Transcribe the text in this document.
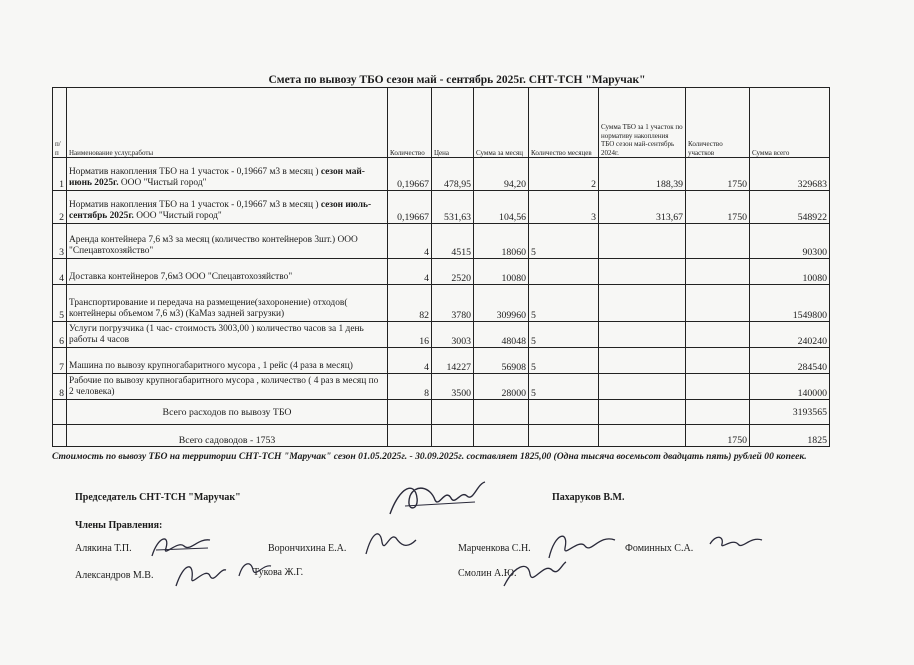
Смета по вывозу ТБО сезон май - сентябрь 2025г. СНТ-ТСН "Маручак"
п/п	Наименование услуг,работы	Количество	Цена	Сумма за месяц	Количество месяцев	Сумма ТБО за 1 участок по нормативу накопления ТБО сезон май-сентябрь 2024г.	Количество участков	Сумма всего
1	Норматив накопления ТБО на 1 участок - 0,19667 м3 в месяц ) сезон май-июнь 2025г. ООО "Чистый город"	0,19667	478,95	94,20	2	188,39	1750	329683
2	Норматив накопления ТБО на 1 участок - 0,19667 м3 в месяц ) сезон июль-сентябрь 2025г. ООО "Чистый город"	0,19667	531,63	104,56	3	313,67	1750	548922
3	Аренда контейнера 7,6 м3 за месяц (количество контейнеров 3шт.) ООО "Спецавтохозяйство"	4	4515	18060	5			90300
4	Доставка контейнеров 7,6м3 ООО "Спецавтохозяйство"	4	2520	10080				10080
5	Транспортирование и передача на размещение(захоронение) отходов( контейнеры объемом 7,6 м3) (КаМаз задней загрузки)	82	3780	309960	5			1549800
6	Услуги погрузчика (1 час- стоимость 3003,00 ) количество часов за 1 день работы 4 часов	16	3003	48048	5			240240
7	Машина по вывозу крупногабаритного мусора , 1 рейс (4 раза в месяц)	4	14227	56908	5			284540
8	Рабочие по вывозу крупногабаритного мусора , количество ( 4 раз в месяц по 2 человека)	8	3500	28000	5			140000
	Всего расходов по вывозу ТБО							3193565
	Всего садоводов - 1753						1750	1825
Стоимость по вывозу ТБО на территории СНТ-ТСН "Маручак" сезон 01.05.2025г. - 30.09.2025г. составляет 1825,00 (Одна тысяча восемьсот двадцать пять) рублей 00 копеек.
Председатель СНТ-ТСН "Маручак"	Пахаруков В.М.
Члены Правления:
Алякина Т.П.	Ворончихина Е.А.	Марченкова С.Н.	Фоминных С.А.
Александров М.В.	Тукова Ж.Г.	Смолин А.Ю.
